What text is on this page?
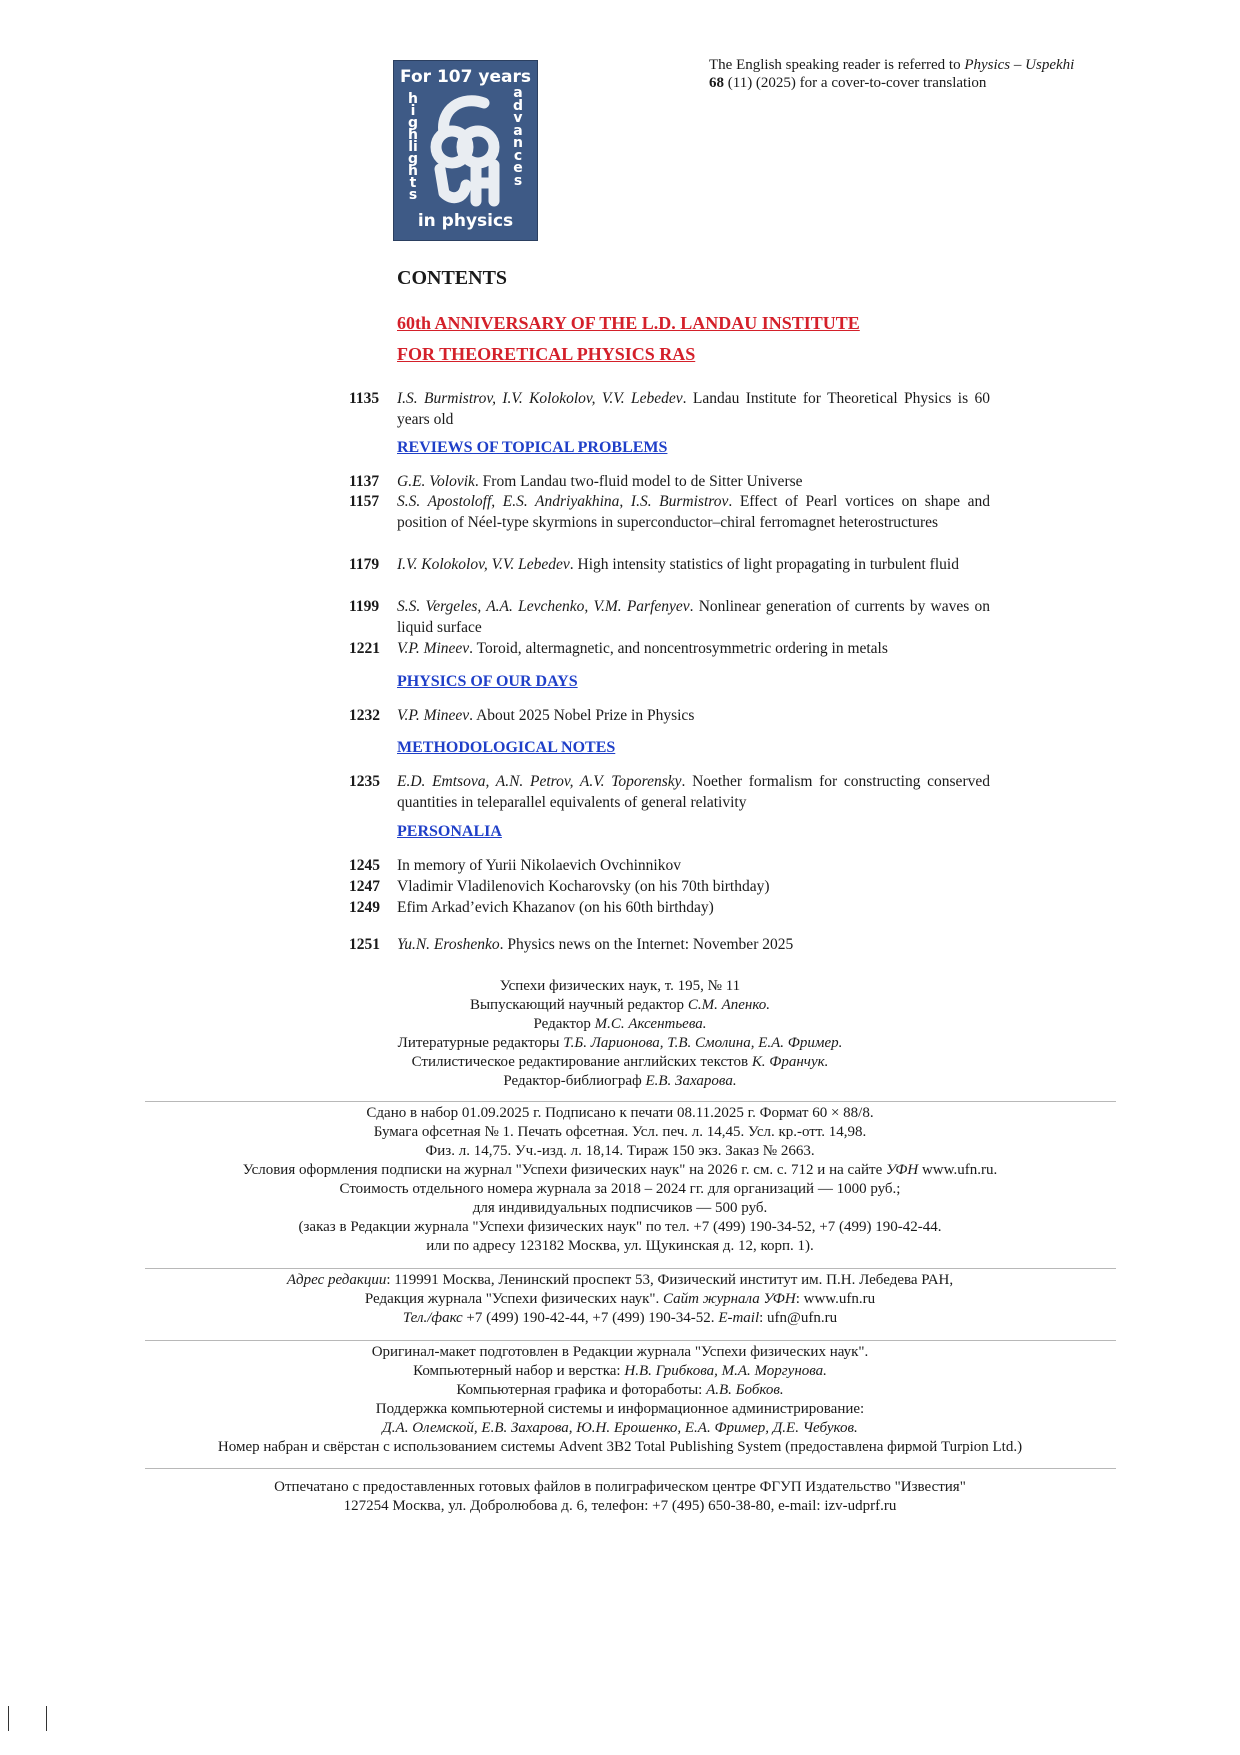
For 107 years
highlights
advances
in physics
The English speaking reader is referred to Physics – Uspekhi
68 (11) (2025) for a cover-to-cover translation
CONTENTS
60th ANNIVERSARY OF THE L.D. LANDAU INSTITUTE
FOR THEORETICAL PHYSICS RAS
1135 I.S. Burmistrov, I.V. Kolokolov, V.V. Lebedev. Landau Institute for Theoretical Physics is 60 years old
REVIEWS OF TOPICAL PROBLEMS
1137 G.E. Volovik. From Landau two-fluid model to de Sitter Universe
1157 S.S. Apostoloff, E.S. Andriyakhina, I.S. Burmistrov. Effect of Pearl vortices on shape and position of Néel-type skyrmions in superconductor–chiral ferromagnet heterostructures
1179 I.V. Kolokolov, V.V. Lebedev. High intensity statistics of light propagating in turbulent fluid
1199 S.S. Vergeles, A.A. Levchenko, V.M. Parfenyev. Nonlinear generation of currents by waves on liquid surface
1221 V.P. Mineev. Toroid, altermagnetic, and noncentrosymmetric ordering in metals
PHYSICS OF OUR DAYS
1232 V.P. Mineev. About 2025 Nobel Prize in Physics
METHODOLOGICAL NOTES
1235 E.D. Emtsova, A.N. Petrov, A.V. Toporensky. Noether formalism for constructing conserved quantities in teleparallel equivalents of general relativity
PERSONALIA
1245 In memory of Yurii Nikolaevich Ovchinnikov
1247 Vladimir Vladilenovich Kocharovsky (on his 70th birthday)
1249 Efim Arkad’evich Khazanov (on his 60th birthday)
1251 Yu.N. Eroshenko. Physics news on the Internet: November 2025
Успехи физических наук, т. 195, № 11
Выпускающий научный редактор С.М. Апенко.
Редактор М.С. Аксентьева.
Литературные редакторы Т.Б. Ларионова, Т.В. Смолина, Е.А. Фример.
Стилистическое редактирование английских текстов К. Франчук.
Редактор-библиограф Е.В. Захарова.
Сдано в набор 01.09.2025 г. Подписано к печати 08.11.2025 г. Формат 60 × 88/8.
Бумага офсетная № 1. Печать офсетная. Усл. печ. л. 14,45. Усл. кр.-отт. 14,98.
Физ. л. 14,75. Уч.-изд. л. 18,14. Тираж 150 экз. Заказ № 2663.
Условия оформления подписки на журнал "Успехи физических наук" на 2026 г. см. с. 712 и на сайте УФН www.ufn.ru.
Стоимость отдельного номера журнала за 2018 – 2024 гг. для организаций — 1000 руб.;
для индивидуальных подписчиков — 500 руб.
(заказ в Редакции журнала "Успехи физических наук" по тел. +7 (499) 190-34-52, +7 (499) 190-42-44.
или по адресу 123182 Москва, ул. Щукинская д. 12, корп. 1).
Адрес редакции: 119991 Москва, Ленинский проспект 53, Физический институт им. П.Н. Лебедева РАН,
Редакция журнала "Успехи физических наук". Сайт журнала УФН: www.ufn.ru
Тел./факс +7 (499) 190-42-44, +7 (499) 190-34-52. E-mail: ufn@ufn.ru
Оригинал-макет подготовлен в Редакции журнала "Успехи физических наук".
Компьютерный набор и верстка: Н.В. Грибкова, М.А. Моргунова.
Компьютерная графика и фотоработы: А.В. Бобков.
Поддержка компьютерной системы и информационное администрирование:
Д.А. Олемской, Е.В. Захарова, Ю.Н. Ерошенко, Е.А. Фример, Д.Е. Чебуков.
Номер набран и свёрстан с использованием системы Advent 3B2 Total Publishing System (предоставлена фирмой Turpion Ltd.)
Отпечатано с предоставленных готовых файлов в полиграфическом центре ФГУП Издательство "Известия"
127254 Москва, ул. Добролюбова д. 6, телефон: +7 (495) 650-38-80, e-mail: izv-udprf.ru
